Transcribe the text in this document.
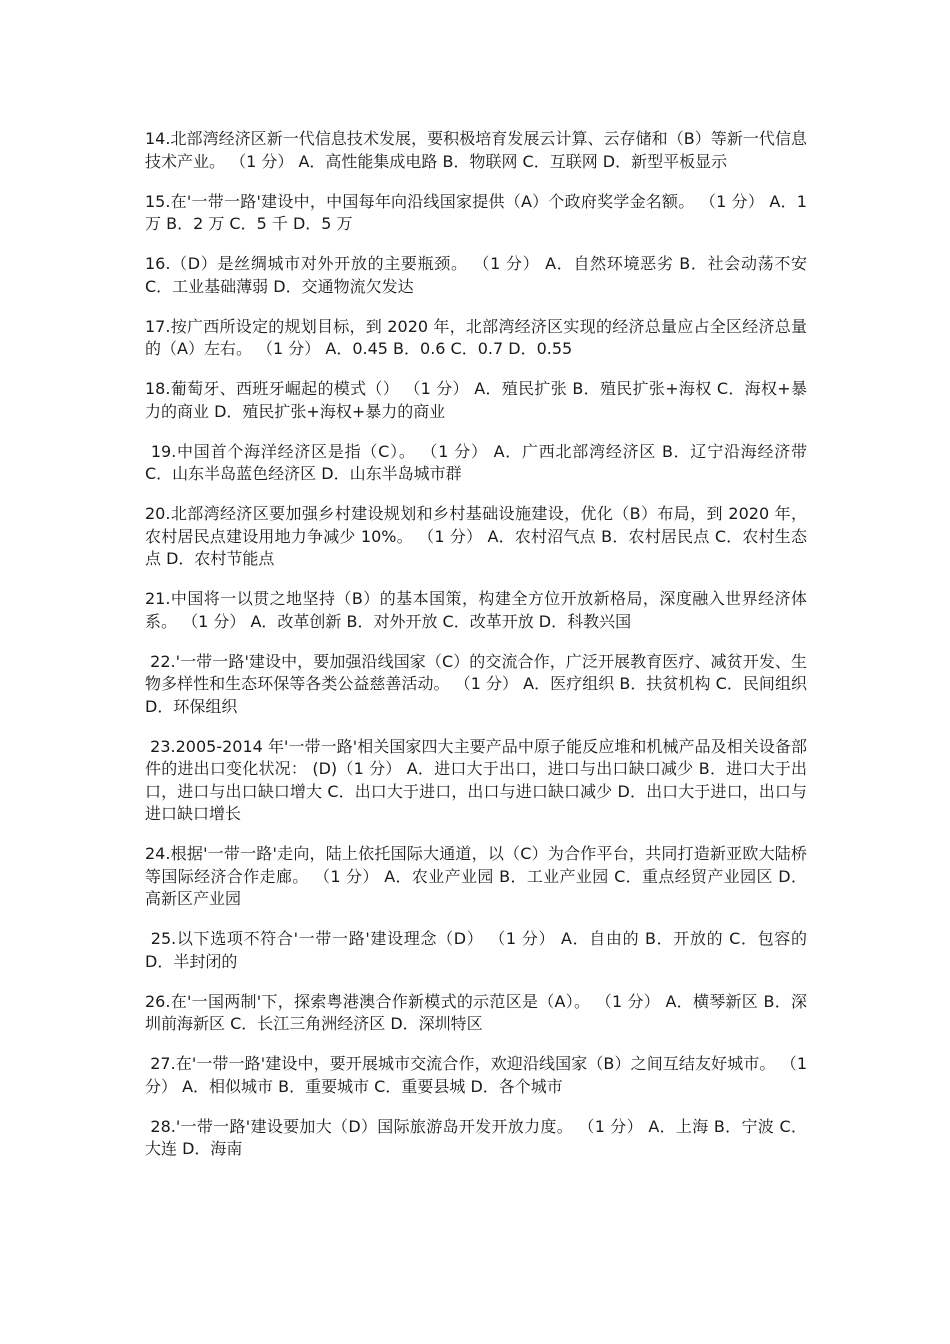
14.北部湾经济区新一代信息技术发展，要积极培育发展云计算、云存储和（B）等新一代信息技术产业。 （1 分） A．高性能集成电路 B．物联网 C．互联网 D．新型平板显示

15.在'一带一路'建设中，中国每年向沿线国家提供（A）个政府奖学金名额。 （1 分） A．1 万 B．2 万 C．5 千 D．5 万

16.（D）是丝绸城市对外开放的主要瓶颈。 （1 分） A．自然环境恶劣 B．社会动荡不安 C．工业基础薄弱 D．交通物流欠发达

17.按广西所设定的规划目标，到 2020 年，北部湾经济区实现的经济总量应占全区经济总量的（A）左右。 （1 分） A．0.45 B．0.6 C．0.7 D．0.55

18.葡萄牙、西班牙崛起的模式（） （1 分） A．殖民扩张 B．殖民扩张+海权 C．海权+暴力的商业 D．殖民扩张+海权+暴力的商业

19.中国首个海洋经济区是指（C）。 （1 分） A．广西北部湾经济区 B．辽宁沿海经济带 C．山东半岛蓝色经济区 D．山东半岛城市群

20.北部湾经济区要加强乡村建设规划和乡村基础设施建设，优化（B）布局，到 2020 年，农村居民点建设用地力争减少 10%。 （1 分） A．农村沼气点 B．农村居民点 C．农村生态点 D．农村节能点

21.中国将一以贯之地坚持（B）的基本国策，构建全方位开放新格局，深度融入世界经济体系。 （1 分） A．改革创新 B．对外开放 C．改革开放 D．科教兴国

22.'一带一路'建设中，要加强沿线国家（C）的交流合作，广泛开展教育医疗、减贫开发、生物多样性和生态环保等各类公益慈善活动。 （1 分） A．医疗组织 B．扶贫机构 C．民间组织 D．环保组织

23.2005-2014 年'一带一路'相关国家四大主要产品中原子能反应堆和机械产品及相关设备部件的进出口变化状况： (D)（1 分） A．进口大于出口，进口与出口缺口减少 B．进口大于出口，进口与出口缺口增大 C．出口大于进口，出口与进口缺口减少 D．出口大于进口，出口与进口缺口增长

24.根据'一带一路'走向，陆上依托国际大通道，以（C）为合作平台，共同打造新亚欧大陆桥等国际经济合作走廊。 （1 分） A．农业产业园 B．工业产业园 C．重点经贸产业园区 D．高新区产业园

25.以下选项不符合'一带一路'建设理念（D） （1 分） A．自由的 B．开放的 C．包容的 D．半封闭的

26.在'一国两制'下，探索粤港澳合作新模式的示范区是（A）。 （1 分） A．横琴新区 B．深圳前海新区 C．长江三角洲经济区 D．深圳特区

27.在'一带一路'建设中，要开展城市交流合作，欢迎沿线国家（B）之间互结友好城市。 （1 分） A．相似城市 B．重要城市 C．重要县城 D．各个城市

28.'一带一路'建设要加大（D）国际旅游岛开发开放力度。 （1 分） A．上海 B．宁波 C．大连 D．海南
